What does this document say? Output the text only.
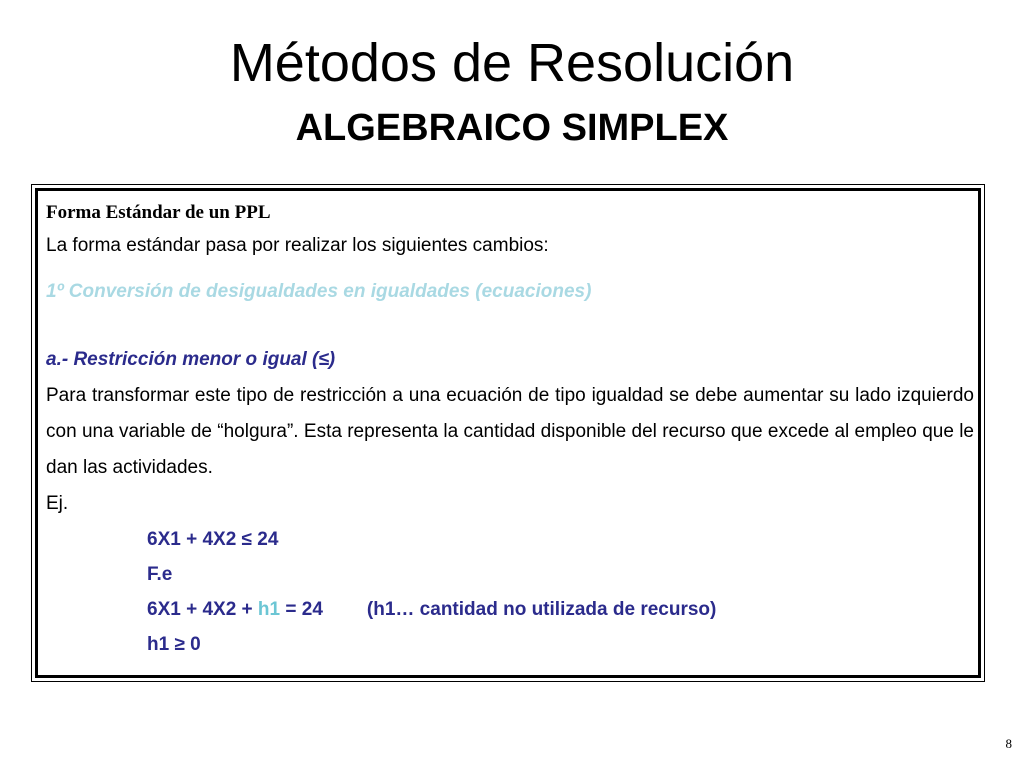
Métodos de Resolución
ALGEBRAICO SIMPLEX
Forma Estándar de un PPL
La forma estándar pasa por realizar los siguientes cambios:
1º Conversión de desigualdades en igualdades (ecuaciones)
a.- Restricción menor o igual (≤)
Para transformar este tipo de restricción a una ecuación de tipo igualdad se debe aumentar su lado izquierdo con una variable de “holgura”. Esta representa la cantidad disponible del recurso que excede al empleo que le dan las actividades.
Ej.
6X1 + 4X2 ≤ 24
F.e
6X1 + 4X2 + h1 = 24 (h1… cantidad no utilizada de recurso)
h1 ≥ 0
8
